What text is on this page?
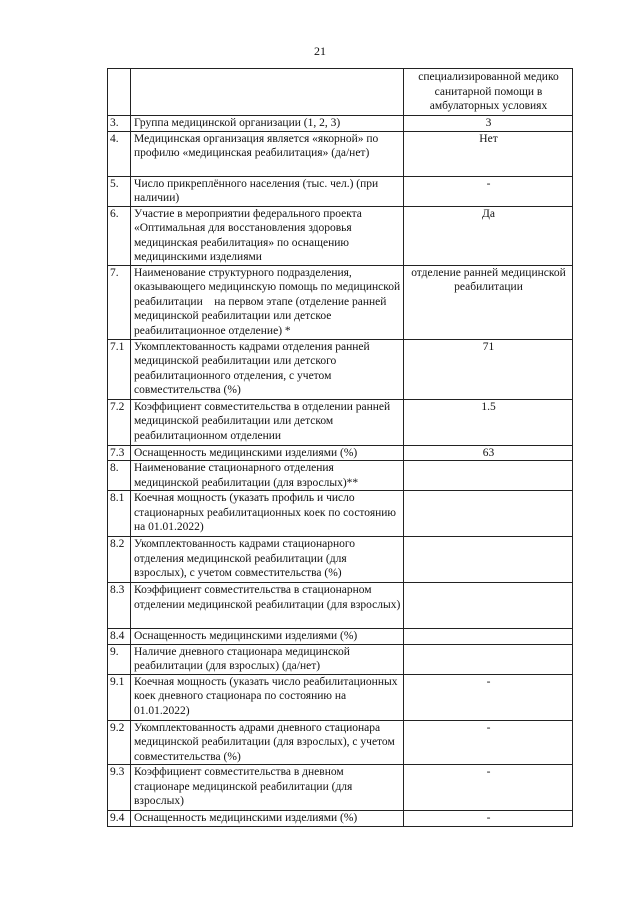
21
		специализированной медико санитарной помощи в амбулаторных условиях
3.	Группа медицинской организации (1, 2, 3)	3
4.	Медицинская организация является «якорной» по профилю «медицинская реабилитация» (да/нет)	Нет
5.	Число прикреплённого населения (тыс. чел.) (при наличии)	-
6.	Участие в мероприятии федерального проекта «Оптимальная для восстановления здоровья медицинская реабилитация» по оснащению медицинскими изделиями	Да
7.	Наименование структурного подразделения, оказывающего медицинскую помощь по медицинской реабилитации    на первом этапе (отделение ранней медицинской реабилитации или детское реабилитационное отделение) *	отделение ранней медицинской реабилитации
7.1	Укомплектованность кадрами отделения ранней медицинской реабилитации или детского реабилитационного отделения, с учетом совместительства (%)	71
7.2	Коэффициент совместительства в отделении ранней медицинской реабилитации или детском реабилитационном отделении	1.5
7.3	Оснащенность медицинскими изделиями (%)	63
8.	Наименование стационарного отделения медицинской реабилитации (для взрослых)**	
8.1	Коечная мощность (указать профиль и число стационарных реабилитационных коек по состоянию на 01.01.2022)	
8.2	Укомплектованность кадрами стационарного отделения медицинской реабилитации (для взрослых), с учетом совместительства (%)	
8.3	Коэффициент совместительства в стационарном отделении медицинской реабилитации (для взрослых)	
8.4	Оснащенность медицинскими изделиями (%)	
9.	Наличие дневного стационара медицинской реабилитации (для взрослых) (да/нет)	
9.1	Коечная мощность (указать число реабилитационных коек дневного стационара по состоянию на 01.01.2022)	-
9.2	Укомплектованность адрами дневного стационара медицинской реабилитации (для взрослых), с учетом совместительства (%)	-
9.3	Коэффициент совместительства в дневном стационаре медицинской реабилитации (для взрослых)	-
9.4	Оснащенность медицинскими изделиями (%)	-
